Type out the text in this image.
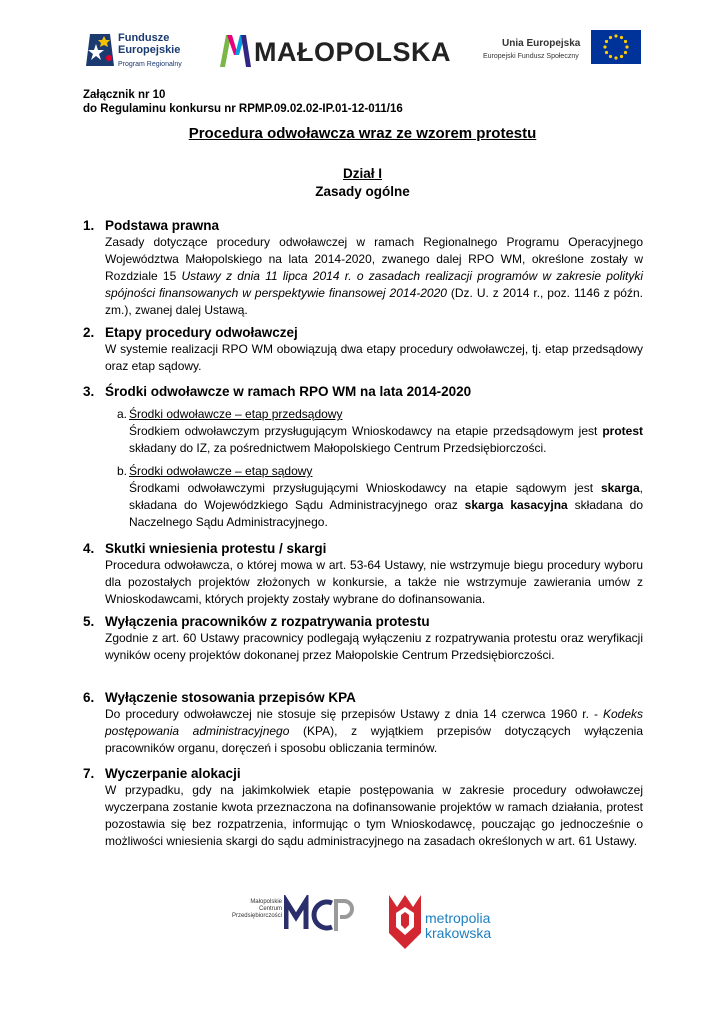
Fundusze
Europejskie
Program Regionalny	MAŁOPOLSKA	Unia Europejska
Europejski Fundusz Społeczny
Załącznik nr 10
do Regulaminu konkursu nr RPMP.09.02.02-IP.01-12-011/16
Procedura odwoławcza wraz ze wzorem protestu
Dział I
Zasady ogólne
1. Podstawa prawna
Zasady dotyczące procedury odwoławczej w ramach Regionalnego Programu Operacyjnego Województwa Małopolskiego na lata 2014-2020, zwanego dalej RPO WM, określone zostały w Rozdziale 15 Ustawy z dnia 11 lipca 2014 r. o zasadach realizacji programów w zakresie polityki spójności finansowanych w perspektywie finansowej 2014-2020 (Dz. U. z 2014 r., poz. 1146 z późn. zm.), zwanej dalej Ustawą.
2. Etapy procedury odwoławczej
W systemie realizacji RPO WM obowiązują dwa etapy procedury odwoławczej, tj. etap przedsądowy oraz etap sądowy.
3. Środki odwoławcze w ramach RPO WM na lata 2014-2020
a. Środki odwoławcze – etap przedsądowy
Środkiem odwoławczym przysługującym Wnioskodawcy na etapie przedsądowym jest protest składany do IZ, za pośrednictwem Małopolskiego Centrum Przedsiębiorczości.
b. Środki odwoławcze – etap sądowy
Środkami odwoławczymi przysługującymi Wnioskodawcy na etapie sądowym jest skarga, składana do Wojewódzkiego Sądu Administracyjnego oraz skarga kasacyjna składana do Naczelnego Sądu Administracyjnego.
4. Skutki wniesienia protestu / skargi
Procedura odwoławcza, o której mowa w art. 53-64 Ustawy, nie wstrzymuje biegu procedury wyboru dla pozostałych projektów złożonych w konkursie, a także nie wstrzymuje zawierania umów z Wnioskodawcami, których projekty zostały wybrane do dofinansowania.
5. Wyłączenia pracowników z rozpatrywania protestu
Zgodnie z art. 60 Ustawy pracownicy podlegają wyłączeniu z rozpatrywania protestu oraz weryfikacji wyników oceny projektów dokonanej przez Małopolskie Centrum Przedsiębiorczości.
6. Wyłączenie stosowania przepisów KPA
Do procedury odwoławczej nie stosuje się przepisów Ustawy z dnia 14 czerwca 1960 r. - Kodeks postępowania administracyjnego (KPA), z wyjątkiem przepisów dotyczących wyłączenia pracowników organu, doręczeń i sposobu obliczania terminów.
7. Wyczerpanie alokacji
W przypadku, gdy na jakimkolwiek etapie postępowania w zakresie procedury odwoławczej wyczerpana zostanie kwota przeznaczona na dofinansowanie projektów w ramach działania, protest pozostawia się bez rozpatrzenia, informując o tym Wnioskodawcę, pouczając go jednocześnie o możliwości wniesienia skargi do sądu administracyjnego na zasadach określonych w art. 61 Ustawy.
Małopolskie
Centrum
Przedsiębiorczości	metropolia
krakowska
